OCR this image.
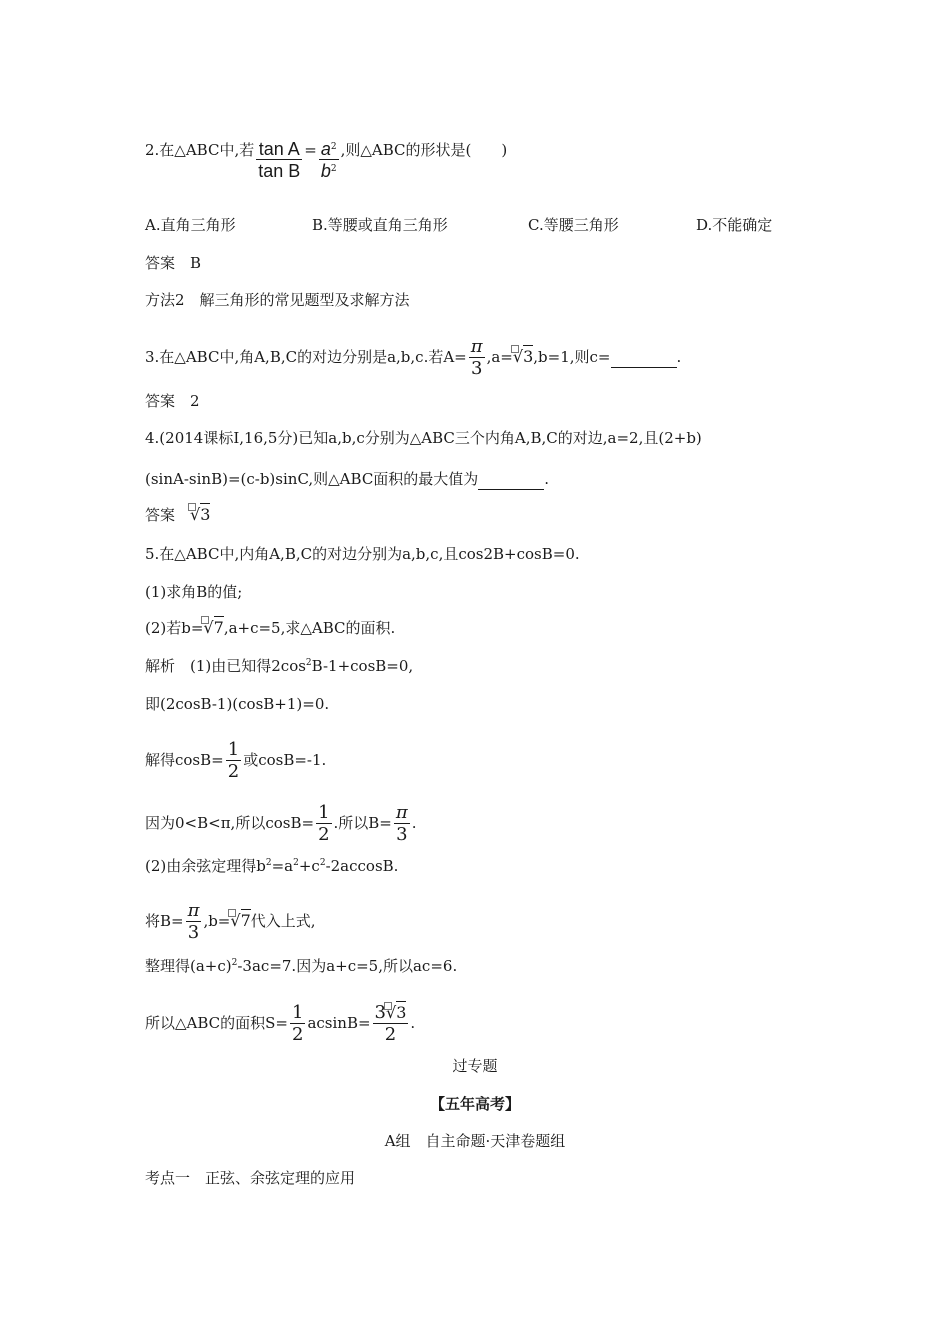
2.在△ABC中,若 $\frac{\text{tan A}}{\text{tan B}} = \frac{a^2}{b^2}$ ,则△ABC的形状是(　　)
A.直角三角形	B.等腰或直角三角形	C.等腰三角形	D.不能确定
答案　B
方法2　解三角形的常见题型及求解方法
3.在△ABC中,角A,B,C的对边分别是a,b,c.若$A= \frac{\pi}{3} ,a=$
√3,b=1,则c=	.
答案　2
4.(2014课标Ⅰ,16,5分)已知a,b,c分别为△ABC三个内角A,B,C的对边,a=2,且(2+b)
(sinA-sinB)=(c-b)sinC,则△ABC面积的最大值为	.
答案　
√3
5.在△ABC中,内角A,B,C的对边分别为a,b,c,且cos2B+cosB=0.
(1)求角B的值;
(2)若b=
√7,a+c=5,求△ABC的面积.
解析　(1)由已知得$2\cos^2B-1+\cos B=0$,
即(2cosB-1)(cosB+1)=0.
解得$\cos B= \frac{1}{2}$ 或cosB=-1.
因为0<B<π,所以$\cos B= \frac{1}{2}$ .所以$B= \frac{\pi}{3}$ .
(2)由余弦定理得$b^2=a^2+c^2-2accosB$.
将$B= \frac{\pi}{3} ,b=$
√7代入上式,
整理得$(a+c)^2-3ac=7$.因为a+c=5,所以ac=6.
所以△ABC的面积$S= \frac{1}{2} acsinB= 3$
√3
2 .
过专题
【五年高考】
A组　自主命题·天津卷题组
考点一　正弦、余弦定理的应用
